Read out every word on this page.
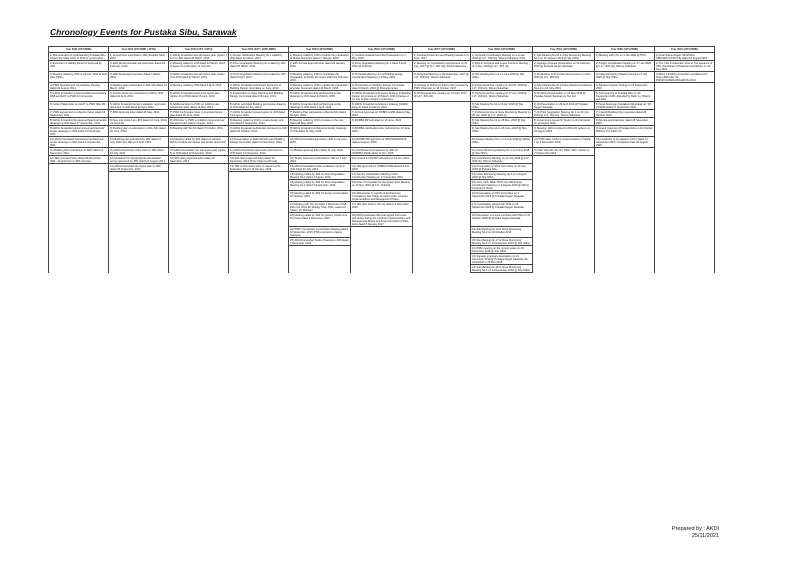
Chronology Events for Pustaka Sibu, Sarawak
Year 2011 (1ST RMK)	Year 2012 (1ST RMK / 10TH)	Year 2013 (1ST / 10TH)	Year 2014 (1ST / 10TH RMK)	Year 2015 (10TH RMK)	Year 2016 (11TH RMK)	Year 2017 (11TH RMK)	Year 2018 (11TH RMK)	Year 2019 (11TH RMK)	Year 2020 (11TH RMK)	Year 2021 (11TH RMK)
1) Memorandum of Understanding Pustaka Sibu Project (by State Govt) to JKR for construction.	1) Amendment submitted to JKR (Pustaka Sibu) - 2012	1) ARCH forwarded new site layout plan (option 1 & 2) to JKR dated 18 March, 2013.	1) Tender Clarification Meeting No.1 called by JKR dated 21 March, 2014.	1) Meeting called by JKR to finalize the preparation of tender document dated 7 January, 2015.	1) Contract Awarded and Site Possession on 4 May, 2016.	1) Contract Document and Drawing issued on 5 June, 2017.	1) Technical Coordination Meeting no.1 at site, 2018 @ L17, JKR HQ, Wisma Saberkas, KCH.	1) Site Meeting No.16 & Color Monitoring Meeting No.4 on 15 January 2019 @ Site Office.	1) Meeting with (JV) on 3 Jan 2020 @ PPS.	1) Final Status Report (PUSTAKA SIBU/SPK.II/1/50/1-8) dated 10 August 2021.
2) Extension of Validity Period of Approval by JKR.	2) EPA (Environmental) approval letter dated 29 February, 2012.	2) Meeting called by JKR dated 22 March, 2013 to agree to confirmation of new site.	2) Price Negotiation Meeting No.1 called by JKR dated 20 March, 2014.	2) EPU Formal approval letter dated 29 January, 2015.	2) Price Negotiation Meeting No.1 dated 6 April, 2016 @ JKR HQ.	2) Meeting on Consultancy Appointment on 21 July, 2017 @ L17, JKR HQ, Wisma Saberkas.	2) Built-In Furniture and Loose Furniture Meeting on 6 Nov, 2018 @ L17, JKR HQ.	2) Signage proposal presentation on 26 February 2019 @ Pustaka Negeri Sarawak.	2) Project Coordination Meeting on 17 Jan 2020 @ L17, JKR HQ, Wisma Saberkas.	2) The Visit & Inspection Prior to The Issuance of CPC (Certificate of Practical Completion) on 12 Aug 2021.
3) Meeting called by JKR on 29 July, 2011 at JKR Sibu Office.	3) EPA Social approval letter dated 7 March, 2012.	3) ARCH forwarded new site layout plan (option 3) to JKR dated 27 March, 2013.	3) Price Negotiation Meeting No.2 called by JKR dated 8 April, 2014.	3) Meeting called by JKR to coordinate the preparation of tender document dated 16 February, 2015.	3) Technical Meeting no.1 & Building Design Coordination Meeting on 2 May, 2016.	3) Technical Meeting on 25 September, 2017 @ L17, JKR HQ, Wisma Saberkas.	3) Site Meeting No.1 on 12 June 2018 @ Site Office.	3) Finalization of ID Tender Documents on 3 April 2019 @ L17, JKR HQ.	3) Close Monitoring Meeting No.29 on 4 July 2020 @ Site Office.	3) Minor Finishing at Upstairs and Basement Area (JKR letter ref. PWS/KCH/SR/1/ARCH/KKS) 2021.
4) PWD Development Consultative Meeting dated 22 August, 2011.	4) Building plan resubmitted to Sibu MC dated 19 March, 2012.	4) Meeting called by JKR dated 9 April, 2013.	4) ARCH forwarded submission document to Building Design Committee on June, 2014.	4) Meeting called by JKR to update the preparation of tender document dated 16 March, 2015.	4) Presentation to Building Design Committee dated 9 March, 2016 @ Riverside Hotel.	4) Change of JKR team lead to Sibu request by PWD Chairman on 18 October, 2017.	4) Professional Fee meeting on 22 Oct, 2018 @ L17, JKR HQ, Wisma Saberkas.	4) Site Meeting No.21 & Close Monitoring Meeting No.14 on 10 June 2019.	4) Bamboo System Testing on 16 September 2020.	
5) ARCH forwarded revised architectural drawing, D&B and EOT to PWD for comments.	5) Tender Document submitted to JKR by JKR dated 10 April, 2012.	5) ARCH forwarded revised site layout plan (option 4) to PWD dated 16 April, 2013.	5) Presentation to State Planning and Building Design Committee dated 18 June, 2014.	5) ARCH forwarded draft architectural tender drawings to JKR dated 12 March, 2015.	5) ARCH forwarded submission drawing to Building Design Committee on 29 March, 2016 (change of JV due to Plan, Height is Unknown).	5) Professional Fee meeting on 13 April, 2017 @ L17, JKR HQ.	5) Professional Fee meeting on 17 Apr, 2018 @ L17, JKR HQ, Wisma Saberkas.	5) ID Works Presentation on 10 May 2019 @ Pustaka Negeri Sarawak on Ten Kal.	5) Soft Opening of Pustaka Sibu on 30 September 2020. Attended by Datin Ju, Sharon and SPA.	
6) Sultan Pakar letter and EOT to PWD Sibu MC.	6) ARCH forwarded tender evaluation report and document to JKR dated 22 April, 2012.	6) Additional letter to PWD on building plan submission letter dated 16 May, 2013.	6) ARCH submitted Building submission drawing to JKR dated 23 July, 2014.	6) ARCH forwarded draft architectural tender drawings to JKR dated 2 April, 2015.	6) ARCH forwarded submission drawing (GCEM Zone 2) dated 21 March, 2016.		6) Site Meeting No.12 on 8 Apr, 2018 @ Site Office.	6) ID Presentation on 29 April 2019 @ Pustaka Negeri Sarawak.	6) Surat Sokongan Kebajikan Mendukak ref. SP-27/2020 dated 17 September 2020.	
7) PWD agreed and no objection letter dated 13 September, 2011.	7) BDS Approval letter dated 16 May, 2012.	7) PWD confirmation letter in proposed layout plan dated 25 June, 2013.	7) ARCH forwarded revised option to JKR dated 13 August, 2014.	7) Building Plan submission to Bomba MC dated 22 April, 2015.	7) Formal Approval ref. 15/BPLC/1/82 dated 4 May, 2016.		7) Professional Fee & Close Monitoring Meeting on 25 Jan, 2018 @ L17, JKR HQ.	7) ID Price Negotiation Meeting No.1 on 26 July 2019 @ L17, JKR HQ, Wisma Saberkas.	7) Council Building Fire Inspection dated 28 October 2020.	
8) ARCH forwarded the latest architectural tender drawings to JKR dated 27 September, 2011.	8) New site notice from JKR dated 12 June, 2012 via facsimile.	8) JKR letter to PWD on platform level and new site layout plan dated 1 August, 2013.	8) Meeting called by JKR to review design and cost dated 4 September, 2014.	8) Meeting called by JKR to review on the cost dated 28 May, 2015.	8) BOMBA BP submitted on 10 June, 2016.		8) Site Meeting No.13 on 28 May, 2018 @ Site Office.	8) Government Issues ID Tender to ID Contractor on 13 August 2019.	8) Bomba approval letter dated 28 November 2020.	
9) ARCH forwarded partial revised architectural tender drawings to JKR dated 10 November, 2011.	9) Building plan re-submission to Sibu MC dated 26 June, 2012.	9) Meeting with Tan Sri dated 7 October, 2013.	9) ARCH forwarded submission document to JKR dated 29 October, 2014.	9) ARCH forwarded architectural tender drawings to JKR dated 21 May, 2015.	9) BOMBA clarification letter submitted on 13 June, 2016.		9) Site Meeting No.14 on 26 June, 2018 @ Site Office.	9) Meeting: ARCH replied to JKR with options on 22 August 2019.	9) Grand Opening of Pustaka Sibu on 31 October 2020 by Tun Pehin Sri.	
10) ARCH forwarded final revised architectural tender drawings to JKR dated 21 December, 2011.	10) Building plan submitted by JKR dated 27 July, 2012 and JKR on 5 April, 2013.	10) Meeting called by JKR dated 21 October, 2013 to finalize the design and tender document.	10) Presentation to State Planning and Building Design Committee dated 11 November, 2014.	10) ARCH forwarded approval to JKR on 22 June, 2015.	10) BOMBA BP approval ref. BPA/SR/R/3/2016 dated 2 August, 2016.		10) Design Meeting No.1 on 6 July 2018 @ ARCH Office.	10) PWD letter confirms implementation of Option 1 on 4 November 2019.	10) Certificate of Completion (CPC) dated 14 September 2020. Completion date 19 August 2020.	
11) Building Plan submission to SMC dated 21 December, 2011.	11) ARCH forwarded online letter to JKR dated 19 July, 2012.	11) ARCH forwarded new site layout plan (option 5) to JKR dated 12 November, 2013.	11) ARCH forwarded submission document to JKR dated 14 November, 2014.	11) Bomba approval letter dated 21 July, 2015.	11) Certificate of Acceptance by JKR ref. JKR/PROJ/SHE dated 12 Oct, 2016.		11) Close Monitoring Meeting No.1 on 9 July 2018 @ Site Office.	11) Site Visit with Tan Sri, PWD, SMC, SAHG on 27 December 2019.		
12) JKR comment letter dated 29 December, 2011 - Amendment to SPK required.	12) Quotation for topographical and detailed survey approved by JKR dated 21 August, 2012.	12) SPA rating approval letter dated 16 December, 2013.	12) SPA rating approval letter dated 30 December, 2014 (Price Value Confirmed).	12) Tender Document submitted to JKR on 7 July, 2015.	12) Council & C&S BP submitted on 10 Oct, 2016.		12) Coordination Meeting on 17 July 2018 @ L17, JKR HQ, Wisma Saberkas.			
	13) ARCH forwarded site layout plan to JKR dated 25 September, 2012.		13) JKR conformance letter in respect of the Evaluation Report 13 January, 2015.	13) ARCH forwarded tender evaluation report to JKR dated 21 July, 2015.	13) JKR approval ref. 15/BPLC/1/82 dated 24 Oct, 2016.		13) Presentation to PNS Committee on 19 July 2018 @ Pustaka Sibu.			
				14) Meeting called by JKR for Price Negotiation Meeting No.1 dated 4 August, 2015.	14) Service Coordination Meeting & Pre-Construction Meeting on 17 November 2016.		14) Close Monitoring Meeting No.2 on 1 August 2018 @ Site Office.			
				15) Meeting called by JKR for Price Negotiation Meeting No.2 dated 3 September, 2015.	15) Role of Consultant for the Supervision Meeting on 29 Nov, 2016 @ L17, JKR HQ.		15) Arch, C&S, M&E, PMC and JKR Design Coordination Meeting on 8 August 2018 @ ARCH Conference Room.			
				16) Meeting called by JKR for design review dated 22 October, 2015.	16) ARCH letter in regards to Architectural Consultancy Fee Stage Services under Contract Implementation and Management Phase.		16) Presentation to PNS Committee on 3 September 2018 @ Pustaka Negeri Sarawak.			
				17) Meeting with Tan Sri dated 1 December 2015, Datu Cei, MOI, Mr Stanley Chai, TMS, Lawrence Chiam, PL Ridzwan.	17) JKR offer letter to Tan Sri dated 12 December 2016.		17) Investigation started with PNS on 29 September 2018 @ Pustaka Negeri Sarawak.			
				18) Meeting called by JKR for options (Option A & B) review dated 4 December, 2015.	18) ARCH accepted offer and signed with notes and duties during the Contract Implementation and Management Phase and Final Completion Phase, letter dated 5 January 2017.		18) Discussion on Loose Furniture with PNS on 19 October 2018 @ Pustaka Negeri Sarawak.			
				19) PWD / Consultant Coordination Meeting dated 10 December, 2015 (PNS comment on latest changes).			19) Site Meeting No.10 & Close Monitoring Meeting No.4 on 29 October 2018.			
				20) ARCH forwarded Tender Drawing to JKR dated 7 December, 2016.			20) Site Meeting No.17 & Close Monitoring Meeting No.5 on 19 November 2018 @ Site Office.			
							21) PWD meeting on the project status on 29 November 2018 @ Site Office.			
							22) Signage proposal presentation on 21 November 2018 @ Pustaka Negeri Sarawak. Re-scheduled to 28 Dec 2018.			
							23) Site Meeting No.18 & Close Monitoring Meeting No.6 on 14 December 2018 @ Site Office.			
Prepared by : AKDI
25/11/2021
